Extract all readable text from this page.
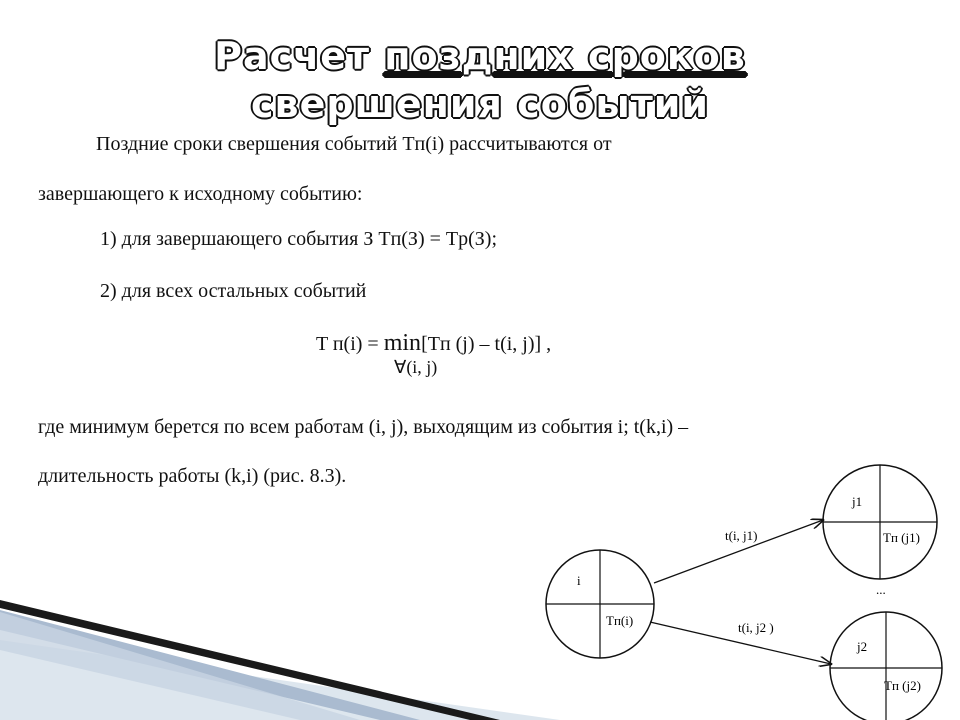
Расчет поздних сроков
свершения событий
Поздние сроки свершения событий Tп(i) рассчитываются от
завершающего к исходному событию:
1) для завершающего события З Tп(З) = Tр(З);
2) для всех остальных событий
T п(i) = min[Tп (j) – t(i, j)] ,
∀(i, j)
где минимум берется по всем работам (i, j), выходящим из события i; t(k,i) –
длительность работы (k,i) (рис. 8.3).
i
Tп(i)
j1
Tп (j1)
j2
Tп (j2)
t(i, j1)
t(i, j2 )
...
